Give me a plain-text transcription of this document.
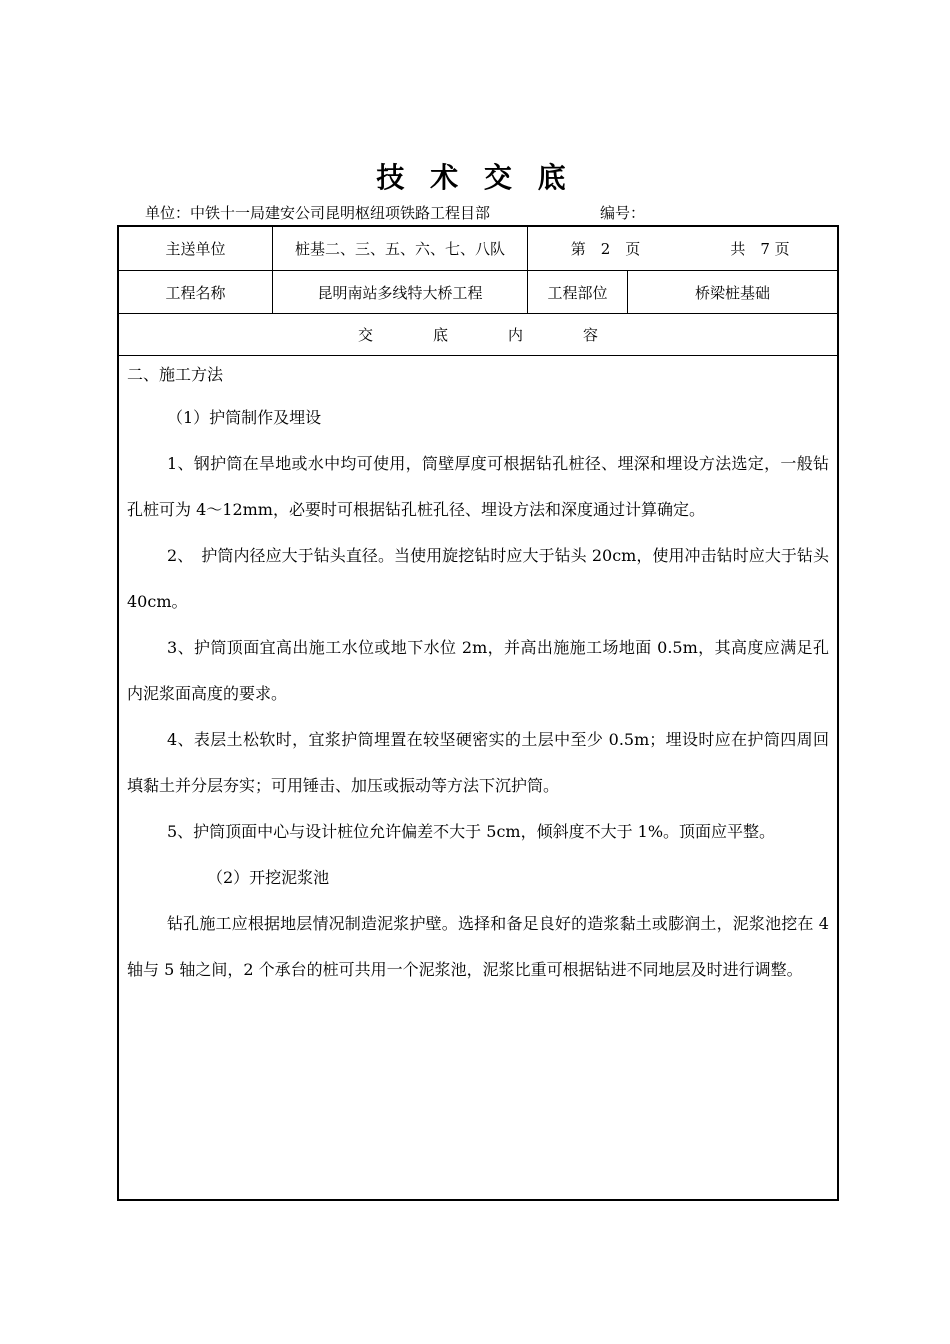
技 术 交 底
单位：中铁十一局建安公司昆明枢纽项铁路工程目部	编号：
主送单位	桩基二、三、五、六、七、八队	第　2　页	共　7 页
工程名称	昆明南站多线特大桥工程	工程部位	桥梁桩基础
交　　　　底　　　　内　　　　容

二、施工方法

（1）护筒制作及埋设

1、钢护筒在旱地或水中均可使用，筒壁厚度可根据钻孔桩径、埋深和埋设方法选定，一般钻孔桩可为 4～12mm，必要时可根据钻孔桩孔径、埋设方法和深度通过计算确定。

2、　护筒内径应大于钻头直径。当使用旋挖钻时应大于钻头 20cm，使用冲击钻时应大于钻头 40cm。

3、护筒顶面宜高出施工水位或地下水位 2m，并高出施施工场地面 0.5m，其高度应满足孔内泥浆面高度的要求。

4、表层土松软时，宜浆护筒埋置在较坚硬密实的土层中至少 0.5m；埋设时应在护筒四周回填黏土并分层夯实；可用锤击、加压或振动等方法下沉护筒。

5、护筒顶面中心与设计桩位允许偏差不大于 5cm，倾斜度不大于 1%。顶面应平整。

（2）开挖泥浆池

钻孔施工应根据地层情况制造泥浆护壁。选择和备足良好的造浆黏土或膨润土，泥浆池挖在 4 轴与 5 轴之间，2 个承台的桩可共用一个泥浆池，泥浆比重可根据钻进不同地层及时进行调整。
